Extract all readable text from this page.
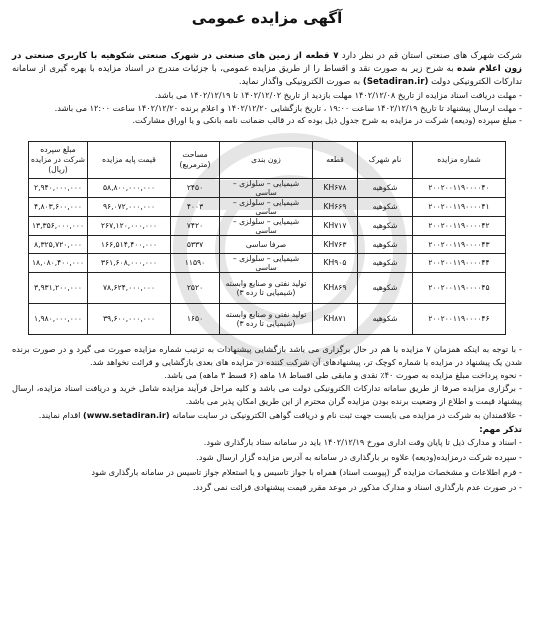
آگهی مزایده عمومی
شرکت شهرک های صنعتی استان قم در نظر دارد ۷ قطعه از زمین های صنعتی در شهرک صنعتی شکوهیه با کاربری صنعتی در زون اعلام شده به شرح زیر به صورت نقد و اقساط را از طریق مزایده عمومی، با جزئیات مندرج در اسناد مزایده با بهره گیری از سامانه تدارکات الکترونیکی دولت (Setadiran.ir) به صورت الکترونیکی واگذار نماید.
- مهلت دریافت اسناد مزایده از تاریخ ۱۴۰۲/۱۲/۰۸ مهلت بازدید از تاریخ ۱۴۰۲/۱۲/۰۲ تا ۱۴۰۲/۱۲/۱۹ می باشد.
- مهلت ارسال پیشنهاد تا تاریخ ۱۴۰۲/۱۲/۱۹ ساعت ۱۹:۰۰ ، تاریخ بازگشایی ۱۴۰۲/۱۲/۲۰ و اعلام برنده ۱۴۰۲/۱۲/۲۰ ساعت ۱۲:۰۰ می باشد.
- مبلغ سپرده (ودیعه) شرکت در مزایده به شرح جدول ذیل بوده که در قالب ضمانت نامه بانکی و یا اوراق مشارکت.
شماره مزایده	نام شهرک	قطعه	زون بندی	مساحت (مترمربع)	قیمت پایه مزایده	مبلغ سپرده شرکت در مزایده (ریال)
۲۰۰۲۰۰۱۱۹۰۰۰۰۴۰	شکوهیه	KH۶۷۸	شیمیایی – سلولزی – ساسی	۲۴۵۰	۵۸,۸۰۰,۰۰۰,۰۰۰	۲,۹۴۰,۰۰۰,۰۰۰
۲۰۰۲۰۰۱۱۹۰۰۰۰۴۱	شکوهیه	KH۶۶۹	شیمیایی – سلولزی – ساسی	۴۰۰۳	۹۶,۰۷۲,۰۰۰,۰۰۰	۴,۸۰۳,۶۰۰,۰۰۰
۲۰۰۲۰۰۱۱۹۰۰۰۰۴۲	شکوهیه	KH۷۱۷	شیمیایی – سلولزی – ساسی	۷۴۲۰	۲۶۷,۱۲۰,۰۰۰,۰۰۰	۱۳,۳۵۶,۰۰۰,۰۰۰
۲۰۰۲۰۰۱۱۹۰۰۰۰۴۳	شکوهیه	KH۷۶۳	صرفا ساسی	۵۳۳۷	۱۶۶,۵۱۴,۴۰۰,۰۰۰	۸,۳۲۵,۷۲۰,۰۰۰
۲۰۰۲۰۰۱۱۹۰۰۰۰۴۴	شکوهیه	KH۹۰۵	شیمیایی – سلولزی – ساسی	۱۱۵۹۰	۳۶۱,۶۰۸,۰۰۰,۰۰۰	۱۸,۰۸۰,۴۰۰,۰۰۰
۲۰۰۲۰۰۱۱۹۰۰۰۰۴۵	شکوهیه	KH۸۶۹	تولید نفتی و صنایع وابسته (شیمیایی تا رده ۳)	۲۵۲۰	۷۸,۶۲۴,۰۰۰,۰۰۰	۳,۹۳۱,۲۰۰,۰۰۰
۲۰۰۲۰۰۱۱۹۰۰۰۰۴۶	شکوهیه	KH۸۷۱	تولید نفتی و صنایع وابسته (شیمیایی تا رده ۳)	۱۶۵۰	۳۹,۶۰۰,۰۰۰,۰۰۰	۱,۹۸۰,۰۰۰,۰۰۰

- با توجه به اینکه همزمان ۷ مزایده با هم در حال برگزاری می باشد بازگشایی پیشنهادات به ترتیب شماره مزایده صورت می گیرد و در صورت برنده شدن یک پیشنهاد در مزایده با شماره کوچک تر، پیشنهادهای آن شرکت کننده در مزایده های بعدی بازگشایی و قرائت نخواهد شد.

- نحوه پرداخت مبلغ مزایده به صورت ۴۰٪ نقدی و مابقی طی اقساط ۱۸ ماهه (۶ قسط ۳ ماهه) می باشد.

- برگزاری مزایده صرفا از طریق سامانه تدارکات الکترونیکی دولت می باشد و کلیه مراحل فرآیند مزایده شامل خرید و دریافت اسناد مزایده، ارسال پیشنهاد قیمت و اطلاع از وضعیت برنده بودن مزایده گران محترم از این طریق امکان پذیر می باشد.

- علاقمندان به شرکت در مزایده می بایست جهت ثبت نام و دریافت گواهی الکترونیکی در سایت سامانه (www.setadiran.ir) اقدام نمایند.

تذکر مهم:
- اسناد و مدارک ذیل تا پایان وقت اداری مورخ ۱۴۰۲/۱۲/۱۹ باید در سامانه ستاد بارگذاری شود.
- سپرده شرکت درمزایده(ودیعه) علاوه بر بارگذاری در سامانه به آدرس مزایده گزار ارسال شود.
- فرم اطلاعات و مشخصات مزایده گر (پیوست اسناد) همراه با جواز تاسیس و یا استعلام جواز تاسیس در سامانه بارگذاری شود
- در صورت عدم بارگذاری اسناد و مدارک مذکور در موعد مقرر قیمت پیشنهادی قرائت نمی گردد.
